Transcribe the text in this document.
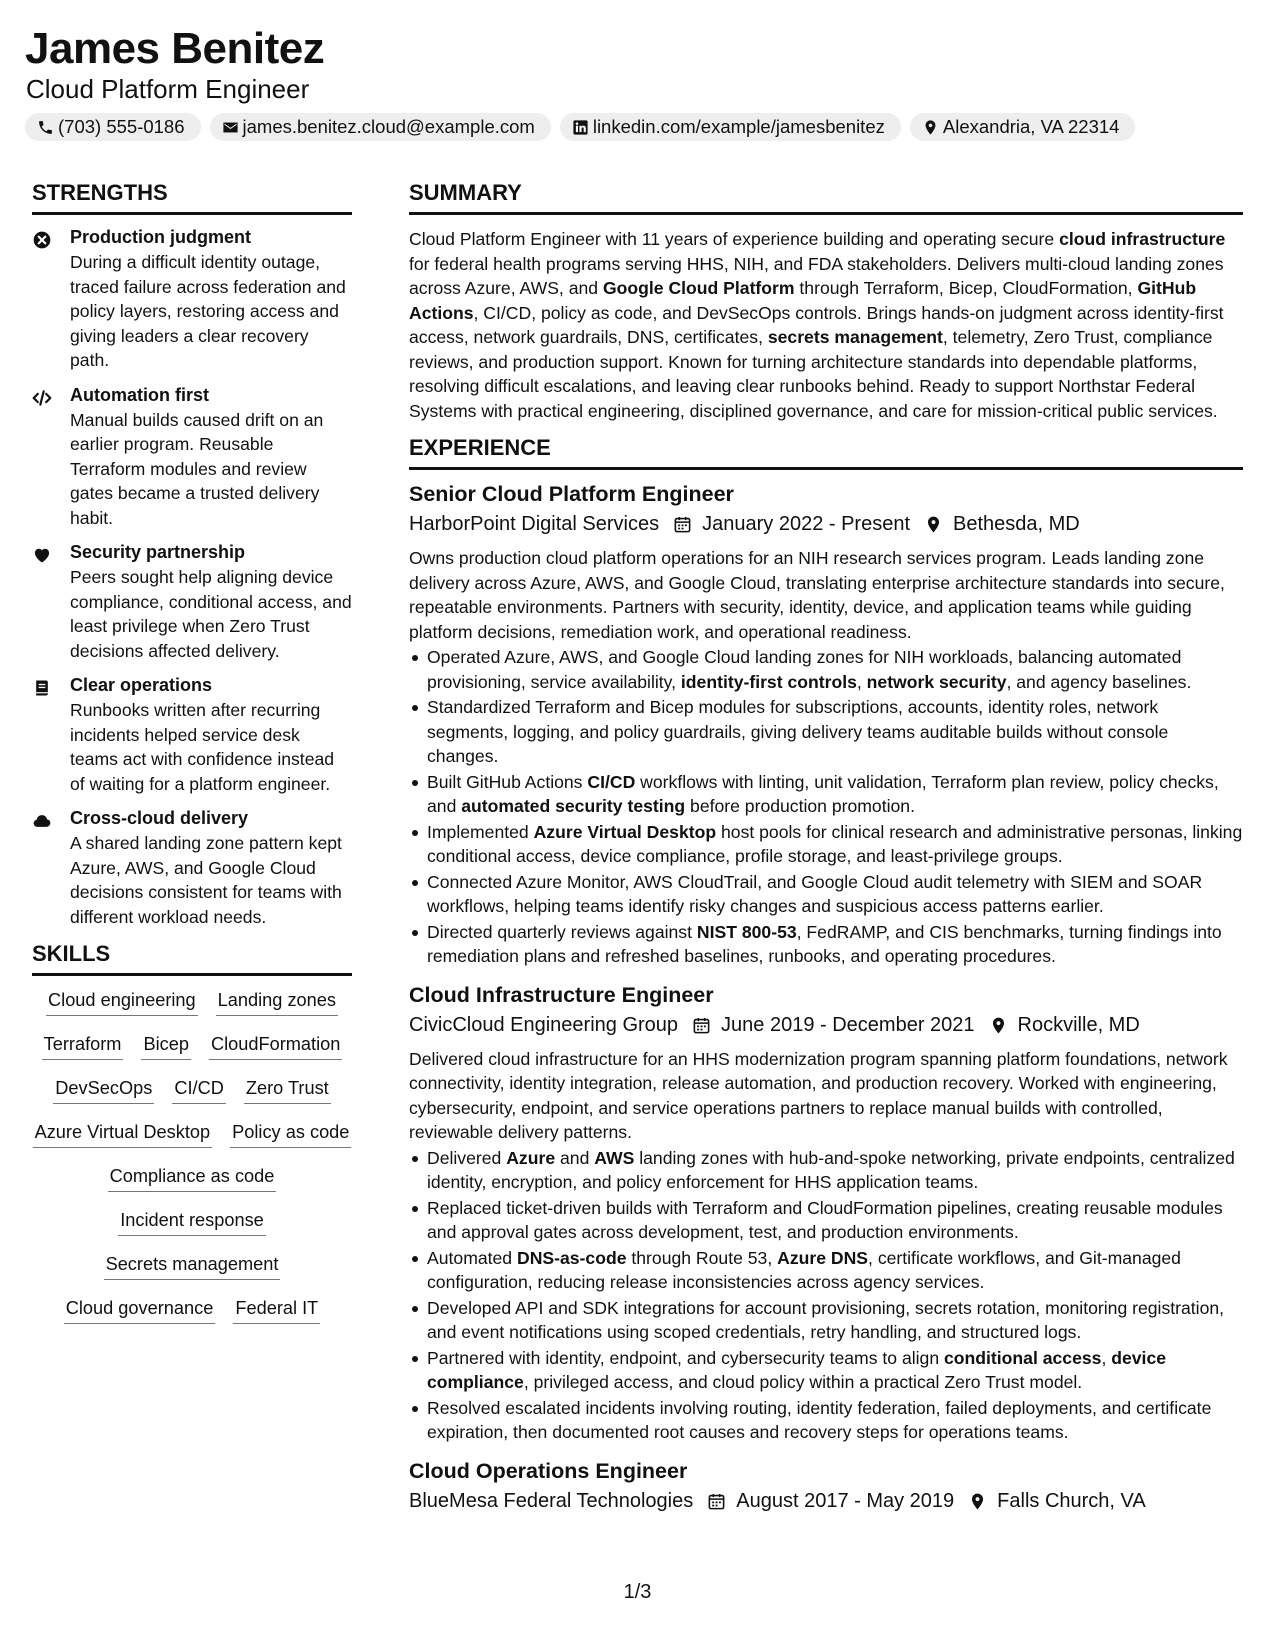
James Benitez
Cloud Platform Engineer
(703) 555-0186	james.benitez.cloud@example.com	linkedin.com/example/jamesbenitez	Alexandria, VA 22314
STRENGTHS
Production judgment

During a difficult identity outage, traced failure across federation and policy layers, restoring access and giving leaders a clear recovery path.

Automation first

Manual builds caused drift on an earlier program. Reusable Terraform modules and review gates became a trusted delivery habit.

Security partnership

Peers sought help aligning device compliance, conditional access, and least privilege when Zero Trust decisions affected delivery.

Clear operations

Runbooks written after recurring incidents helped service desk teams act with confidence instead of waiting for a platform engineer.

Cross-cloud delivery

A shared landing zone pattern kept Azure, AWS, and Google Cloud decisions consistent for teams with different workload needs.

SKILLS
Cloud engineering Landing zones
Terraform Bicep CloudFormation
DevSecOps CI/CD Zero Trust
Azure Virtual Desktop Policy as code
Compliance as code
Incident response
Secrets management
Cloud governance Federal IT
SUMMARY

Cloud Platform Engineer with 11 years of experience building and operating secure cloud infrastructure for federal health programs serving HHS, NIH, and FDA stakeholders. Delivers multi-cloud landing zones across Azure, AWS, and Google Cloud Platform through Terraform, Bicep, CloudFormation, GitHub Actions, CI/CD, policy as code, and DevSecOps controls. Brings hands-on judgment across identity-first access, network guardrails, DNS, certificates, secrets management, telemetry, Zero Trust, compliance reviews, and production support. Known for turning architecture standards into dependable platforms, resolving difficult escalations, and leaving clear runbooks behind. Ready to support Northstar Federal Systems with practical engineering, disciplined governance, and care for mission-critical public services.

EXPERIENCE
Senior Cloud Platform Engineer
HarborPoint Digital Services January 2022 - Present Bethesda, MD

Owns production cloud platform operations for an NIH research services program. Leads landing zone delivery across Azure, AWS, and Google Cloud, translating enterprise architecture standards into secure, repeatable environments. Partners with security, identity, device, and application teams while guiding platform decisions, remediation work, and operational readiness.

Operated Azure, AWS, and Google Cloud landing zones for NIH workloads, balancing automated provisioning, service availability, identity-first controls, network security, and agency baselines.
Standardized Terraform and Bicep modules for subscriptions, accounts, identity roles, network segments, logging, and policy guardrails, giving delivery teams auditable builds without console changes.
Built GitHub Actions CI/CD workflows with linting, unit validation, Terraform plan review, policy checks, and automated security testing before production promotion.
Implemented Azure Virtual Desktop host pools for clinical research and administrative personas, linking conditional access, device compliance, profile storage, and least-privilege groups.
Connected Azure Monitor, AWS CloudTrail, and Google Cloud audit telemetry with SIEM and SOAR workflows, helping teams identify risky changes and suspicious access patterns earlier.
Directed quarterly reviews against NIST 800-53, FedRAMP, and CIS benchmarks, turning findings into remediation plans and refreshed baselines, runbooks, and operating procedures.
Cloud Infrastructure Engineer
CivicCloud Engineering Group June 2019 - December 2021 Rockville, MD

Delivered cloud infrastructure for an HHS modernization program spanning platform foundations, network connectivity, identity integration, release automation, and production recovery. Worked with engineering, cybersecurity, endpoint, and service operations partners to replace manual builds with controlled, reviewable delivery patterns.

Delivered Azure and AWS landing zones with hub-and-spoke networking, private endpoints, centralized identity, encryption, and policy enforcement for HHS application teams.
Replaced ticket-driven builds with Terraform and CloudFormation pipelines, creating reusable modules and approval gates across development, test, and production environments.
Automated DNS-as-code through Route 53, Azure DNS, certificate workflows, and Git-managed configuration, reducing release inconsistencies across agency services.
Developed API and SDK integrations for account provisioning, secrets rotation, monitoring registration, and event notifications using scoped credentials, retry handling, and structured logs.
Partnered with identity, endpoint, and cybersecurity teams to align conditional access, device compliance, privileged access, and cloud policy within a practical Zero Trust model.
Resolved escalated incidents involving routing, identity federation, failed deployments, and certificate expiration, then documented root causes and recovery steps for operations teams.
Cloud Operations Engineer
BlueMesa Federal Technologies August 2017 - May 2019 Falls Church, VA
1/3
